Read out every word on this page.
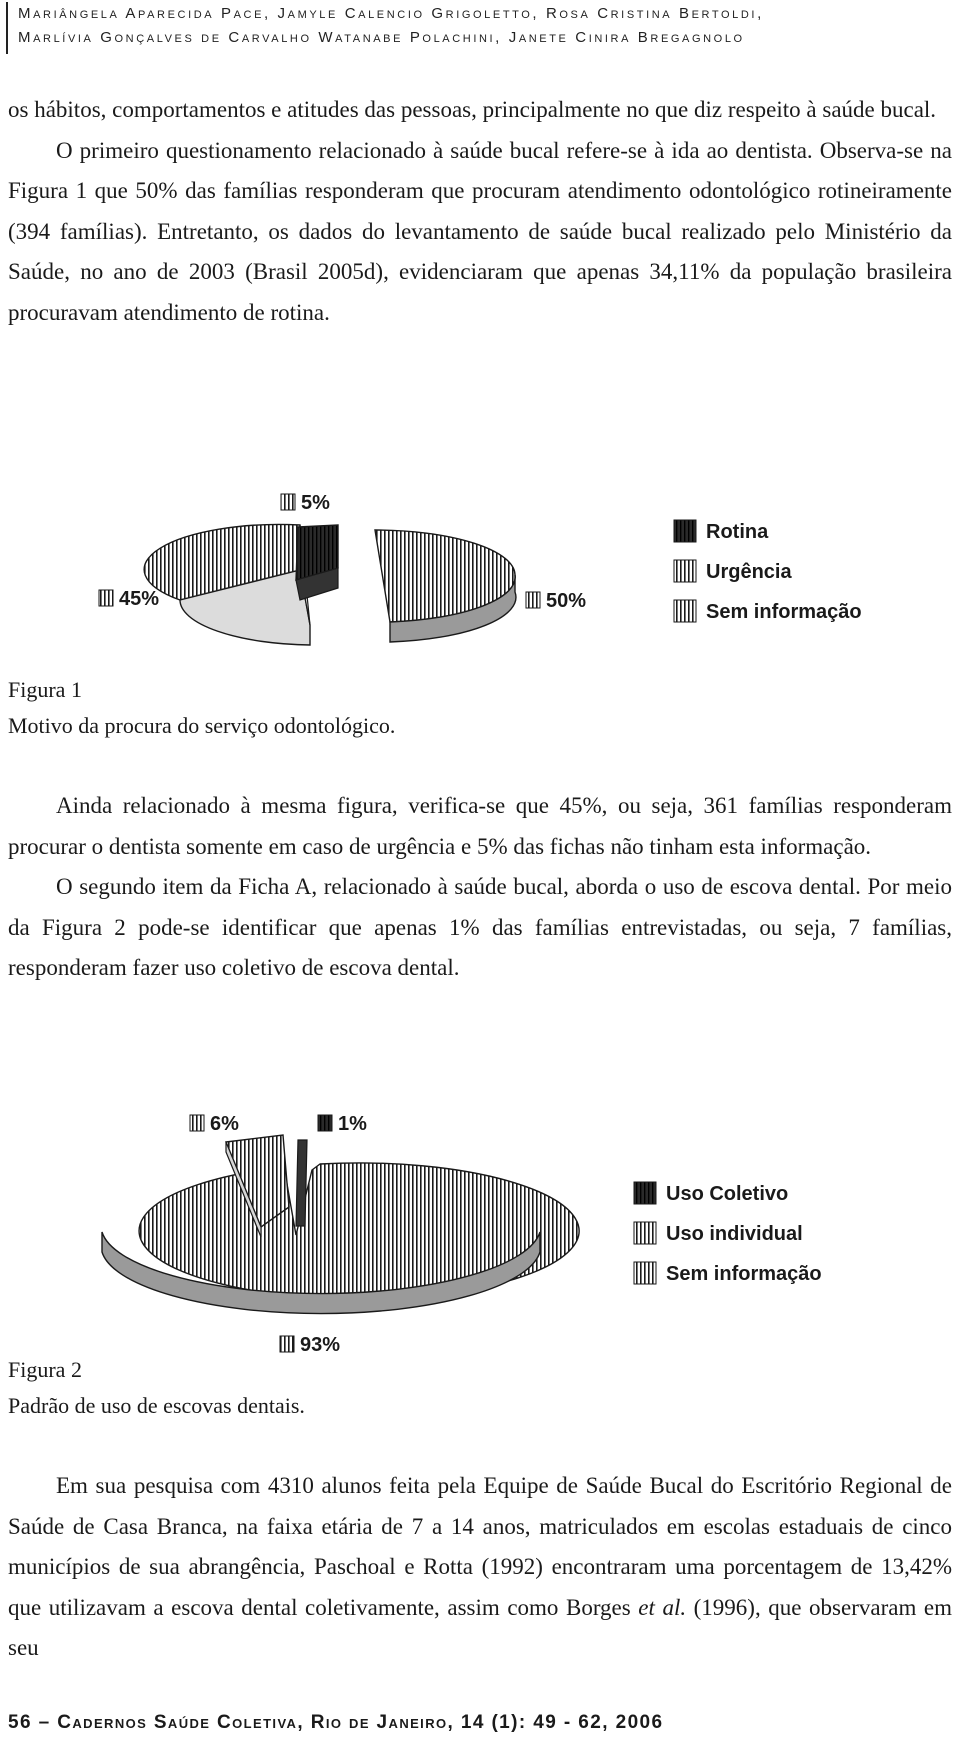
Mariângela Aparecida Pace, Jamyle Calencio Grigoletto, Rosa Cristina Bertoldi,
Marlívia Gonçalves de Carvalho Watanabe Polachini, Janete Cinira Bregagnolo

os hábitos, comportamentos e atitudes das pessoas, principalmente no que diz respeito à saúde bucal.

O primeiro questionamento relacionado à saúde bucal refere-se à ida ao dentista. Observa-se na Figura 1 que 50% das famílias responderam que procuram atendimento odontológico rotineiramente (394 famílias). Entretanto, os dados do levantamento de saúde bucal realizado pelo Ministério da Saúde, no ano de 2003 (Brasil 2005d), evidenciaram que apenas 34,11% da população brasileira procuravam atendimento de rotina.

5%
45%	50%
Rotina
Urgência
Sem informação
Figura 1
Motivo da procura do serviço odontológico.

Ainda relacionado à mesma figura, verifica-se que 45%, ou seja, 361 famílias responderam procurar o dentista somente em caso de urgência e 5% das fichas não tinham esta informação.

O segundo item da Ficha A, relacionado à saúde bucal, aborda o uso de escova dental. Por meio da Figura 2 pode-se identificar que apenas 1% das famílias entrevistadas, ou seja, 7 famílias, responderam fazer uso coletivo de escova dental.

6%	1%
93%
Uso Coletivo
Uso individual
Sem informação
Figura 2
Padrão de uso de escovas dentais.

Em sua pesquisa com 4310 alunos feita pela Equipe de Saúde Bucal do Escritório Regional de Saúde de Casa Branca, na faixa etária de 7 a 14 anos, matriculados em escolas estaduais de cinco municípios de sua abrangência, Paschoal e Rotta (1992) encontraram uma porcentagem de 13,42% que utilizavam a escova dental coletivamente, assim como Borges et al. (1996), que observaram em seu

56 – Cadernos Saúde Coletiva, Rio de Janeiro, 14 (1): 49 - 62, 2006
